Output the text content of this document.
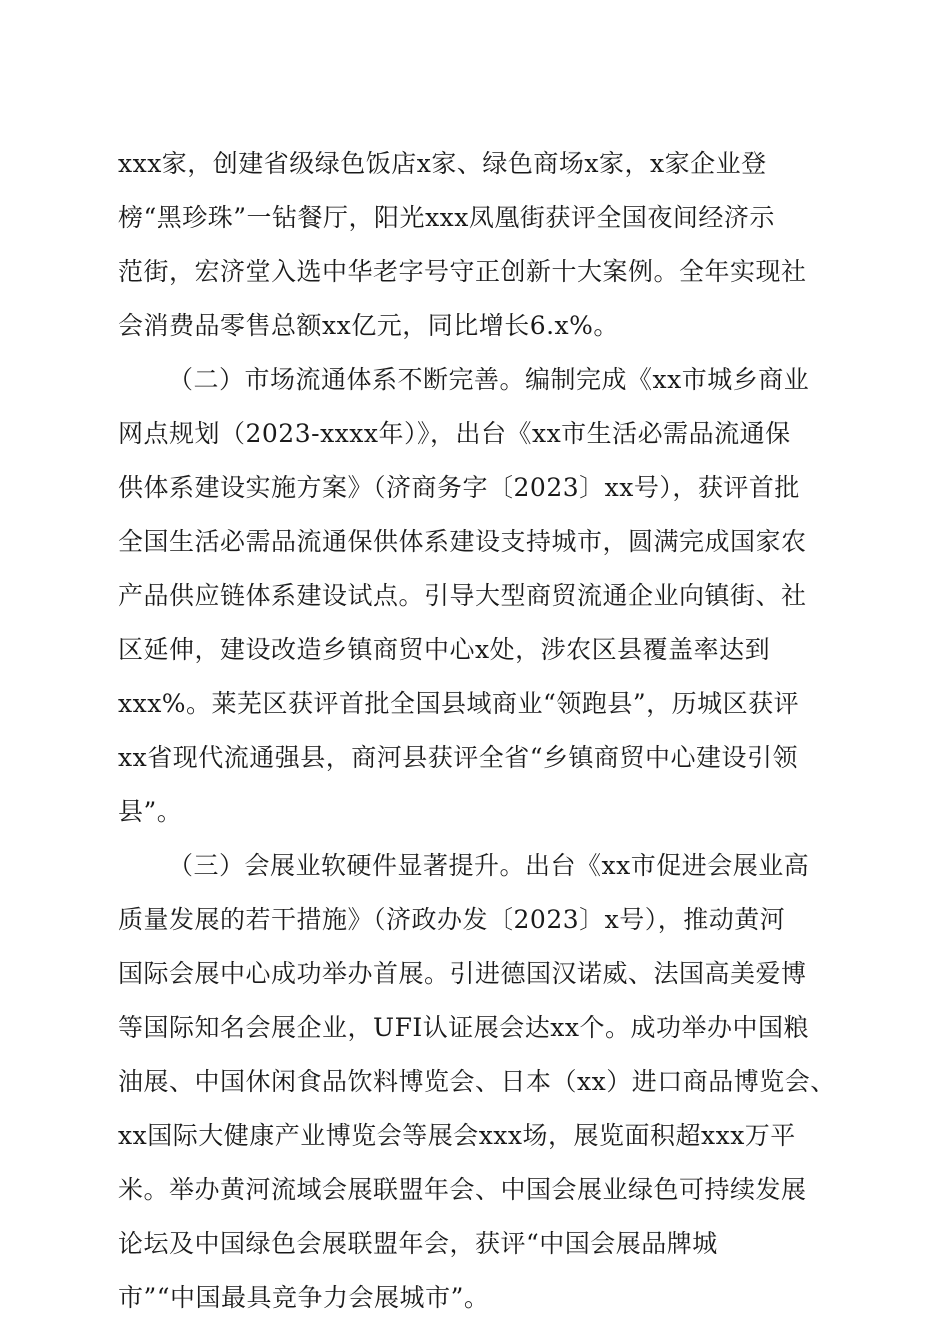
xxx家，创建省级绿色饭店x家、绿色商场x家，x家企业登
榜“黑珍珠”一钻餐厅，阳光xxx凤凰街获评全国夜间经济示
范街，宏济堂入选中华老字号守正创新十大案例。全年实现社
会消费品零售总额xx亿元，同比增长6.x%。
（二）市场流通体系不断完善。编制完成《xx市城乡商业
网点规划（2023-xxxx年）》，出台《xx市生活必需品流通保
供体系建设实施方案》（济商务字〔2023〕xx号），获评首批
全国生活必需品流通保供体系建设支持城市，圆满完成国家农
产品供应链体系建设试点。引导大型商贸流通企业向镇街、社
区延伸，建设改造乡镇商贸中心x处，涉农区县覆盖率达到
xxx%。莱芜区获评首批全国县域商业“领跑县”，历城区获评
xx省现代流通强县，商河县获评全省“乡镇商贸中心建设引领
县”。
（三）会展业软硬件显著提升。出台《xx市促进会展业高
质量发展的若干措施》（济政办发〔2023〕x号），推动黄河
国际会展中心成功举办首展。引进德国汉诺威、法国高美爱博
等国际知名会展企业，UFI认证展会达xx个。成功举办中国粮
油展、中国休闲食品饮料博览会、日本（xx）进口商品博览会、
xx国际大健康产业博览会等展会xxx场，展览面积超xxx万平
米。举办黄河流域会展联盟年会、中国会展业绿色可持续发展
论坛及中国绿色会展联盟年会，获评“中国会展品牌城
市”“中国最具竞争力会展城市”。
